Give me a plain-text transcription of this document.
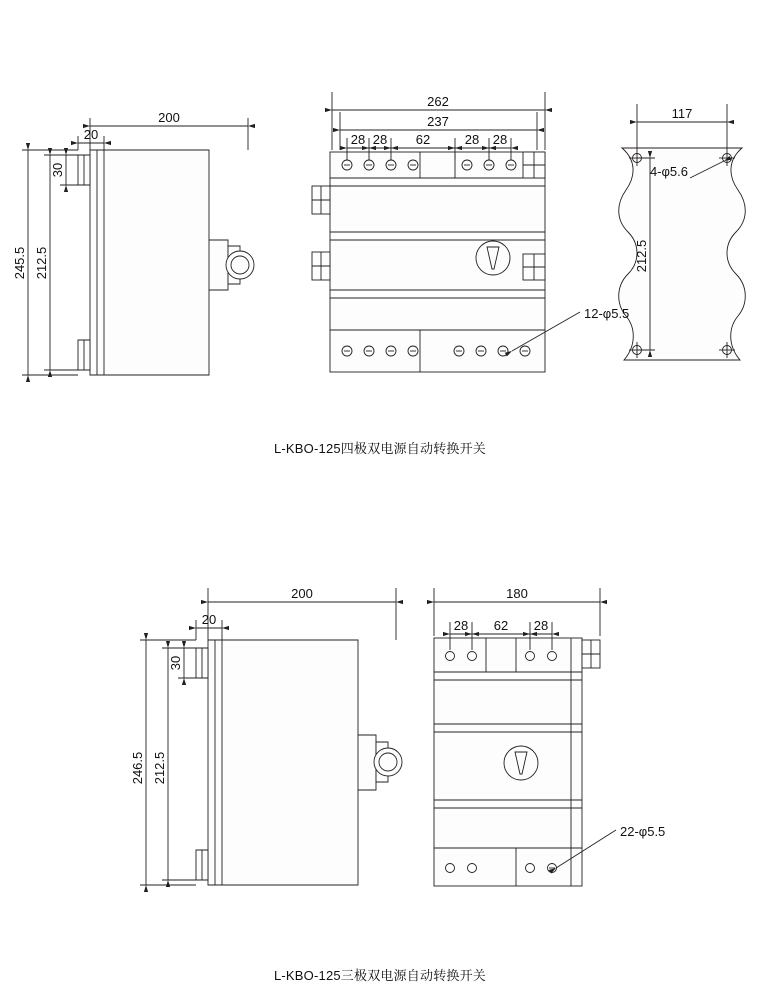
200
20
30
245.5 212.5
262
237
28 28 62	28 28
12-φ5.5
117
212.5
4-φ5.6
200
20
30
246.5 212.5
180
28 62 28
22-φ5.5
L-KBO-125四极双电源自动转换开关
L-KBO-125三极双电源自动转换开关
